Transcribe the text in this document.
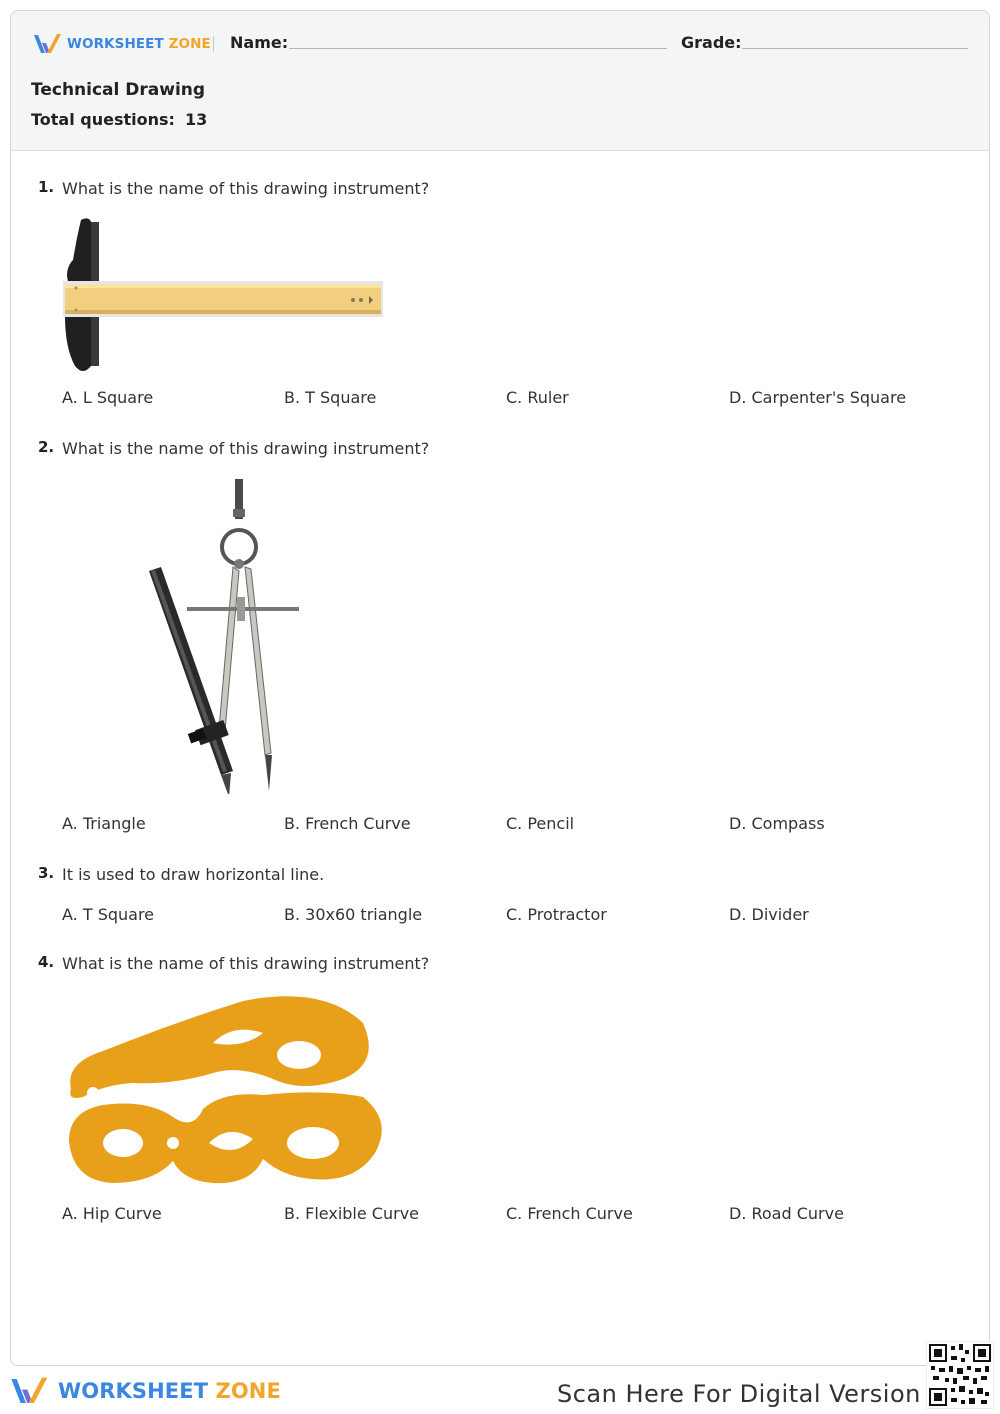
WORKSHEET ZONE Name:	Grade:
Technical Drawing
Total questions: 13
1. What is the name of this drawing instrument?
A. L Square	B. T Square	C. Ruler	D. Carpenter's Square
2. What is the name of this drawing instrument?
A. Triangle	B. French Curve	C. Pencil	D. Compass
3. It is used to draw horizontal line.
A. T Square	B. 30x60 triangle	C. Protractor	D. Divider
4. What is the name of this drawing instrument?
A. Hip Curve	B. Flexible Curve	C. French Curve	D. Road Curve
WORKSHEET ZONE	Scan Here For Digital Version
